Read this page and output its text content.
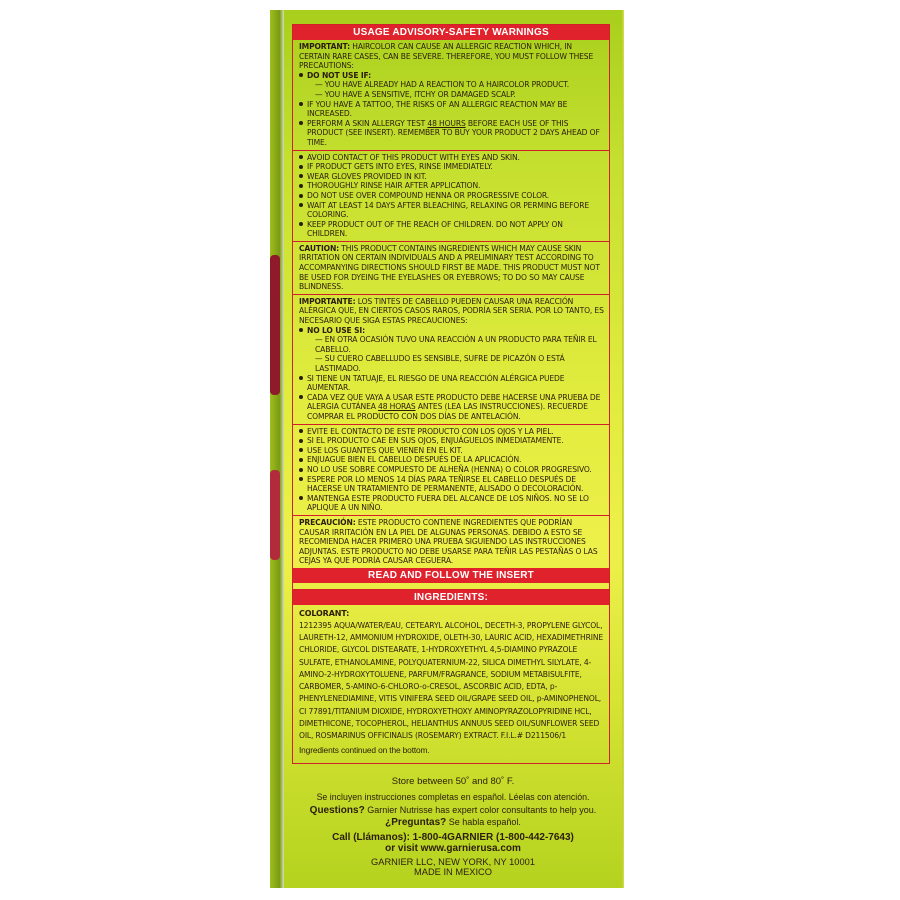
USAGE ADVISORY-SAFETY WARNINGS

IMPORTANT: HAIRCOLOR CAN CAUSE AN ALLERGIC REACTION WHICH, IN CERTAIN RARE CASES, CAN BE SEVERE. THEREFORE, YOU MUST FOLLOW THESE PRECAUTIONS:

DO NOT USE IF:
— YOU HAVE ALREADY HAD A REACTION TO A HAIRCOLOR PRODUCT.
— YOU HAVE A SENSITIVE, ITCHY OR DAMAGED SCALP.
IF YOU HAVE A TATTOO, THE RISKS OF AN ALLERGIC REACTION MAY BE INCREASED.
PERFORM A SKIN ALLERGY TEST 48 HOURS BEFORE EACH USE OF THIS PRODUCT (SEE INSERT). REMEMBER TO BUY YOUR PRODUCT 2 DAYS AHEAD OF TIME.
AVOID CONTACT OF THIS PRODUCT WITH EYES AND SKIN.
IF PRODUCT GETS INTO EYES, RINSE IMMEDIATELY.
WEAR GLOVES PROVIDED IN KIT.
THOROUGHLY RINSE HAIR AFTER APPLICATION.
DO NOT USE OVER COMPOUND HENNA OR PROGRESSIVE COLOR.
WAIT AT LEAST 14 DAYS AFTER BLEACHING, RELAXING OR PERMING BEFORE COLORING.
KEEP PRODUCT OUT OF THE REACH OF CHILDREN. DO NOT APPLY ON CHILDREN.

CAUTION: THIS PRODUCT CONTAINS INGREDIENTS WHICH MAY CAUSE SKIN IRRITATION ON CERTAIN INDIVIDUALS AND A PRELIMINARY TEST ACCORDING TO ACCOMPANYING DIRECTIONS SHOULD FIRST BE MADE. THIS PRODUCT MUST NOT BE USED FOR DYEING THE EYELASHES OR EYEBROWS; TO DO SO MAY CAUSE BLINDNESS.

IMPORTANTE: LOS TINTES DE CABELLO PUEDEN CAUSAR UNA REACCIÓN ALÉRGICA QUE, EN CIERTOS CASOS RAROS, PODRÍA SER SERIA. POR LO TANTO, ES NECESARIO QUE SIGA ESTAS PRECAUCIONES:

NO LO USE SI:
— EN OTRA OCASIÓN TUVO UNA REACCIÓN A UN PRODUCTO PARA TEÑIR EL CABELLO.
— SU CUERO CABELLUDO ES SENSIBLE, SUFRE DE PICAZÓN O ESTÁ LASTIMADO.
SI TIENE UN TATUAJE, EL RIESGO DE UNA REACCIÓN ALÉRGICA PUEDE AUMENTAR.
CADA VEZ QUE VAYA A USAR ESTE PRODUCTO DEBE HACERSE UNA PRUEBA DE ALERGIA CUTÁNEA 48 HORAS ANTES (LEA LAS INSTRUCCIONES). RECUERDE COMPRAR EL PRODUCTO CON DOS DÍAS DE ANTELACIÓN.
EVITE EL CONTACTO DE ESTE PRODUCTO CON LOS OJOS Y LA PIEL.
SI EL PRODUCTO CAE EN SUS OJOS, ENJUÁGUELOS INMEDIATAMENTE.
USE LOS GUANTES QUE VIENEN EN EL KIT.
ENJUAGUE BIEN EL CABELLO DESPUÉS DE LA APLICACIÓN.
NO LO USE SOBRE COMPUESTO DE ALHEÑA (HENNA) O COLOR PROGRESIVO.
ESPERE POR LO MENOS 14 DÍAS PARA TEÑIRSE EL CABELLO DESPUÉS DE HACERSE UN TRATAMIENTO DE PERMANENTE, ALISADO O DECOLORACIÓN.
MANTENGA ESTE PRODUCTO FUERA DEL ALCANCE DE LOS NIÑOS. NO SE LO APLIQUE A UN NIÑO.

PRECAUCIÓN: ESTE PRODUCTO CONTIENE INGREDIENTES QUE PODRÍAN CAUSAR IRRITACIÓN EN LA PIEL DE ALGUNAS PERSONAS. DEBIDO A ESTO SE RECOMIENDA HACER PRIMERO UNA PRUEBA SIGUIENDO LAS INSTRUCCIONES ADJUNTAS. ESTE PRODUCTO NO DEBE USARSE PARA TEÑIR LAS PESTAÑAS O LAS CEJAS YA QUE PODRÍA CAUSAR CEGUERA.

READ AND FOLLOW THE INSERT
INGREDIENTS:
COLORANT:
1212395 AQUA/WATER/EAU, CETEARYL ALCOHOL, DECETH-3, PROPYLENE GLYCOL, LAURETH-12, AMMONIUM HYDROXIDE, OLETH-30, LAURIC ACID, HEXADIMETHRINE CHLORIDE, GLYCOL DISTEARATE, 1-HYDROXYETHYL 4,5-DIAMINO PYRAZOLE SULFATE, ETHANOLAMINE, POLYQUATERNIUM-22, SILICA DIMETHYL SILYLATE, 4-AMINO-2-HYDROXYTOLUENE, PARFUM/FRAGRANCE, SODIUM METABISULFITE, CARBOMER, 5-AMINO-6-CHLORO-o-CRESOL, ASCORBIC ACID, EDTA, p-PHENYLENEDIAMINE, VITIS VINIFERA SEED OIL/GRAPE SEED OIL, p-AMINOPHENOL, CI 77891/TITANIUM DIOXIDE, HYDROXYETHOXY AMINOPYRAZOLOPYRIDINE HCL, DIMETHICONE, TOCOPHEROL, HELIANTHUS ANNUUS SEED OIL/SUNFLOWER SEED OIL, ROSMARINUS OFFICINALIS (ROSEMARY) EXTRACT. F.I.L.# D211506/1
Ingredients continued on the bottom.
Store between 50˚ and 80˚ F.
Se incluyen instrucciones completas en español. Léelas con atención.
Questions? Garnier Nutrisse has expert color consultants to help you.
¿Preguntas? Se habla español.
Call (Llámanos): 1-800-4GARNIER (1-800-442-7643)
or visit www.garnierusa.com
GARNIER LLC, NEW YORK, NY 10001
MADE IN MEXICO
